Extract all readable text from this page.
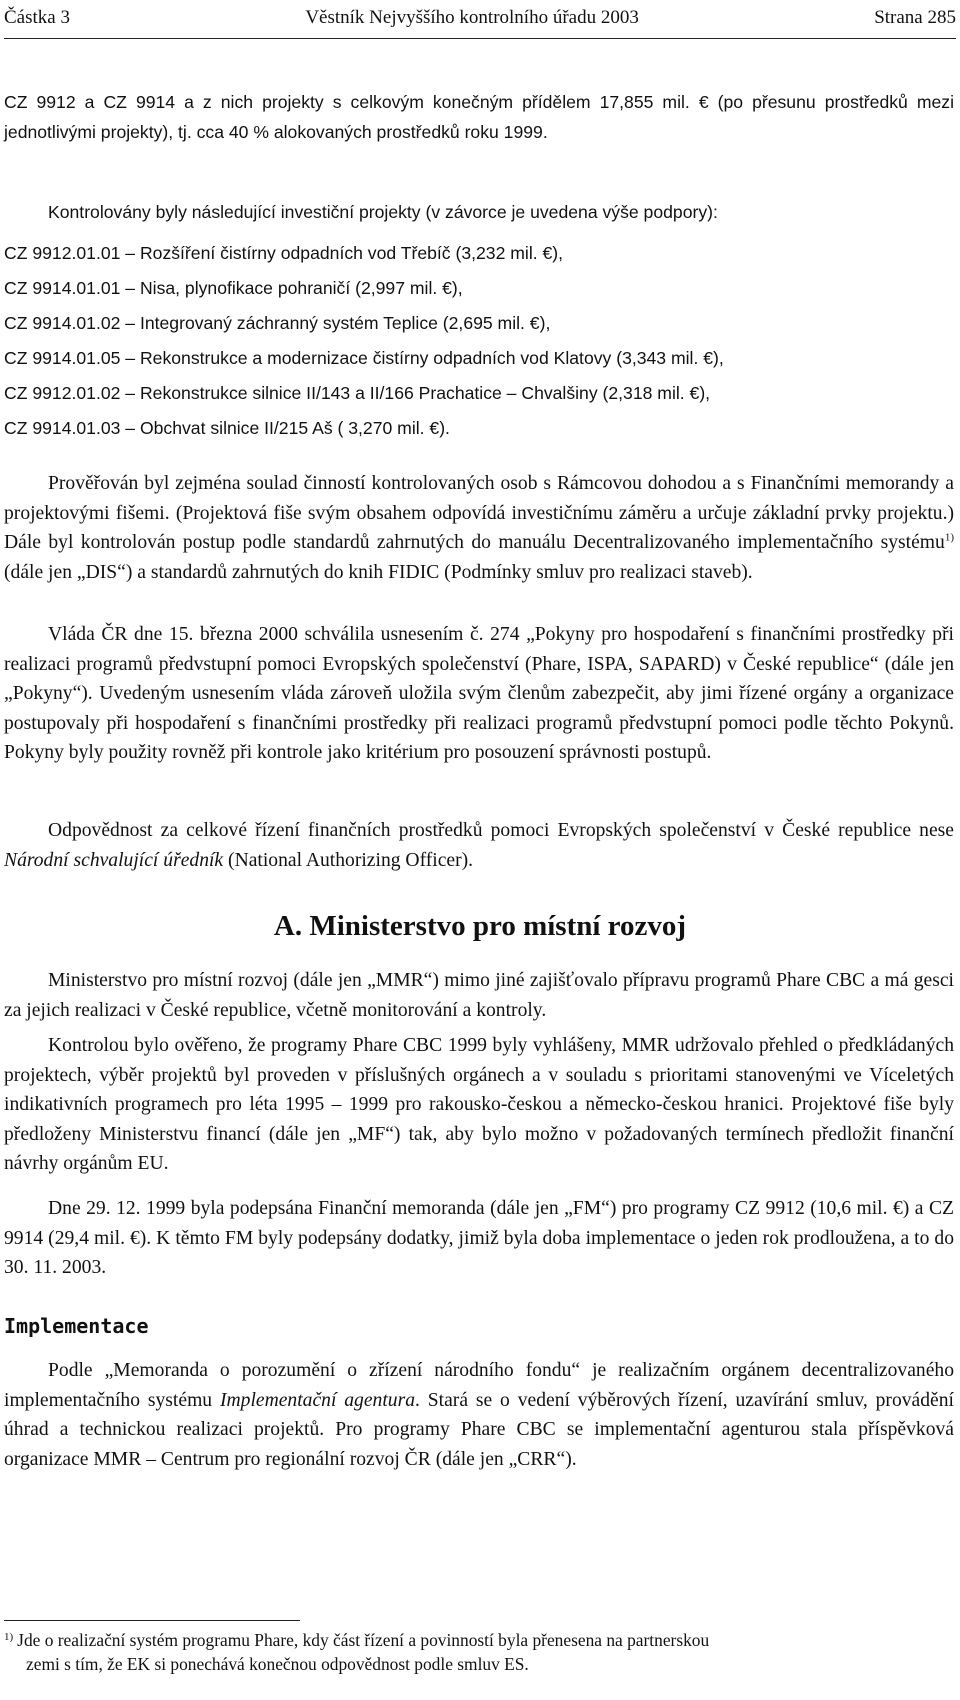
Částka 3	Věstník Nejvyššího kontrolního úřadu 2003	Strana 285

CZ 9912 a CZ 9914 a z nich projekty s celkovým konečným přídělem 17,855 mil. € (po přesunu prostředků mezi jednotlivými projekty), tj. cca 40 % alokovaných prostředků roku 1999.

Kontrolovány byly následující investiční projekty (v závorce je uvedena výše podpory):
CZ 9912.01.01 – Rozšíření čistírny odpadních vod Třebíč (3,232 mil. €),
CZ 9914.01.01 – Nisa, plynofikace pohraničí (2,997 mil. €),
CZ 9914.01.02 – Integrovaný záchranný systém Teplice (2,695 mil. €),
CZ 9914.01.05 – Rekonstrukce a modernizace čistírny odpadních vod Klatovy (3,343 mil. €),
CZ 9912.01.02 – Rekonstrukce silnice II/143 a II/166 Prachatice – Chvalšiny (2,318 mil. €),
CZ 9914.01.03 – Obchvat silnice II/215 Aš ( 3,270 mil. €).

Prověřován byl zejména soulad činností kontrolovaných osob s Rámcovou dohodou a s Finančními memorandy a projektovými fišemi. (Projektová fiše svým obsahem odpovídá investičnímu záměru a určuje základní prvky projektu.) Dále byl kontrolován postup podle standardů zahrnutých do manuálu Decentralizovaného implementačního systému$^{1)}$ (dále jen „DIS“) a standardů zahrnutých do knih FIDIC (Podmínky smluv pro realizaci staveb).

Vláda ČR dne 15. března 2000 schválila usnesením č. 274 „Pokyny pro hospodaření s finančními prostředky při realizaci programů předvstupní pomoci Evropských společenství (Phare, ISPA, SAPARD) v České republice“ (dále jen „Pokyny“). Uvedeným usnesením vláda zároveň uložila svým členům zabezpečit, aby jimi řízené orgány a organizace postupovaly při hospodaření s finančními prostředky při realizaci programů předvstupní pomoci podle těchto Pokynů. Pokyny byly použity rovněž při kontrole jako kritérium pro posouzení správnosti postupů.

Odpovědnost za celkové řízení finančních prostředků pomoci Evropských společenství v České republice nese Národní schvalující úředník (National Authorizing Officer).

A. Ministerstvo pro místní rozvoj

Ministerstvo pro místní rozvoj (dále jen „MMR“) mimo jiné zajišťovalo přípravu programů Phare CBC a má gesci za jejich realizaci v České republice, včetně monitorování a kontroly.

Kontrolou bylo ověřeno, že programy Phare CBC 1999 byly vyhlášeny, MMR udržovalo přehled o předkládaných projektech, výběr projektů byl proveden v příslušných orgánech a v souladu s prioritami stanovenými ve Víceletých indikativních programech pro léta 1995 – 1999 pro rakousko-českou a německo-českou hranici. Projektové fiše byly předloženy Ministerstvu financí (dále jen „MF“) tak, aby bylo možno v požadovaných termínech předložit finanční návrhy orgánům EU.

Dne 29. 12. 1999 byla podepsána Finanční memoranda (dále jen „FM“) pro programy CZ 9912 (10,6 mil. €) a CZ 9914 (29,4 mil. €). K těmto FM byly podepsány dodatky, jimiž byla doba implementace o jeden rok prodloužena, a to do 30. 11. 2003.

Implementace

Podle „Memoranda o porozumění o zřízení národního fondu“ je realizačním orgánem decentralizovaného implementačního systému Implementační agentura. Stará se o vedení výběrových řízení, uzavírání smluv, provádění úhrad a technickou realizaci projektů. Pro programy Phare CBC se implementační agenturou stala příspěvková organizace MMR – Centrum pro regionální rozvoj ČR (dále jen „CRR“).

$^{1)}$ Jde o realizační systém programu Phare, kdy část řízení a povinností byla přenesena na partnerskou
zemi s tím, že EK si ponechává konečnou odpovědnost podle smluv ES.
